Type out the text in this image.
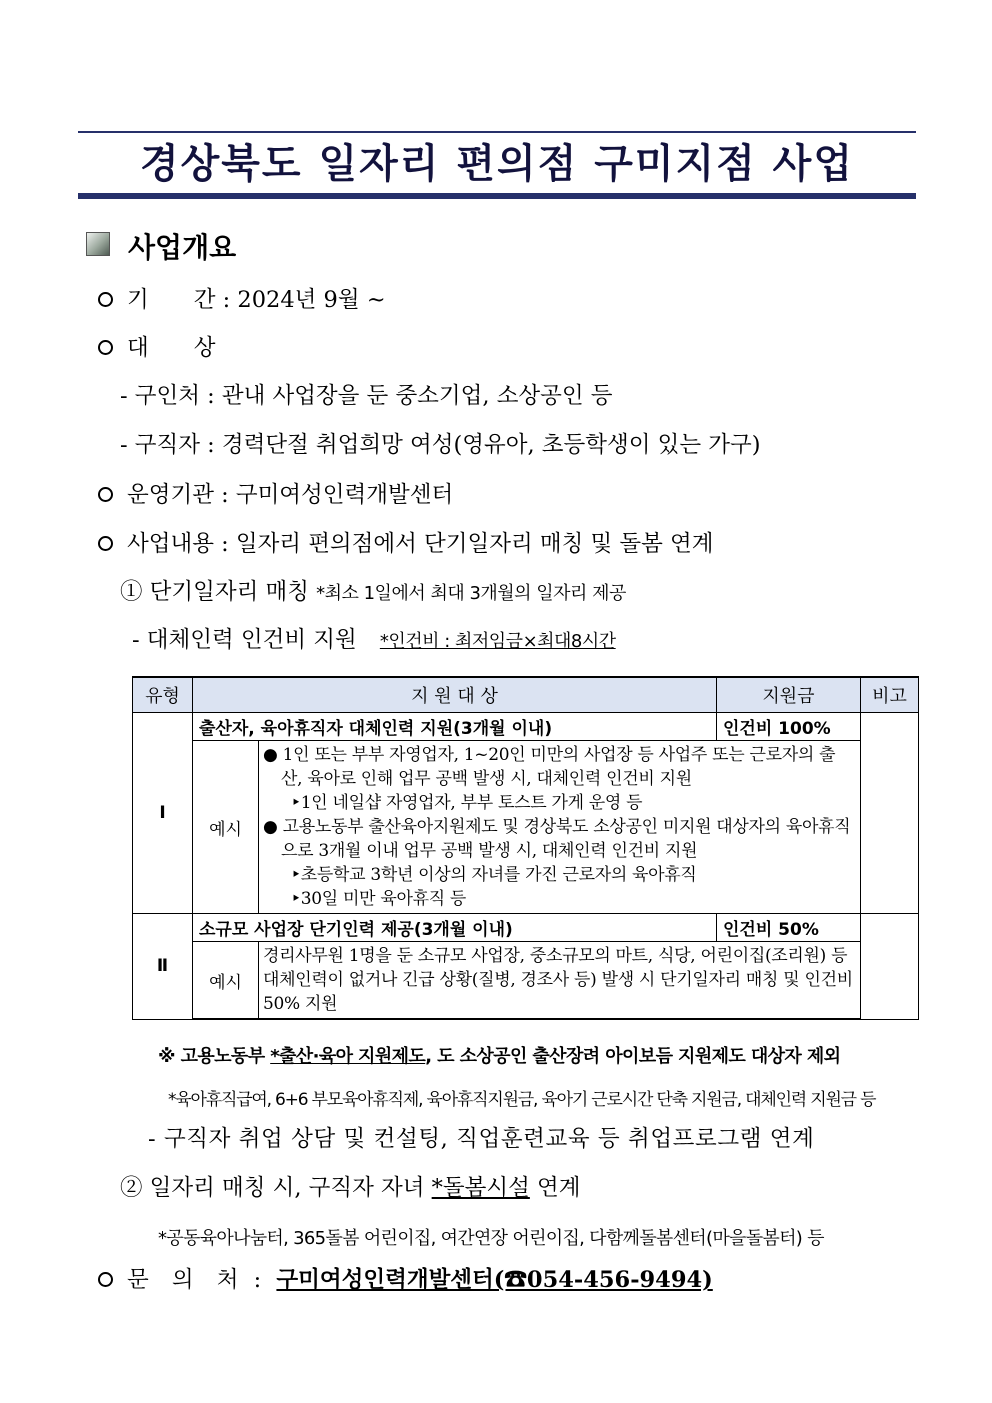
경상북도 일자리 편의점 구미지점 사업
사업개요
기　　간 : 2024년 9월 ~
대　　상
- 구인처 : 관내 사업장을 둔 중소기업, 소상공인 등
- 구직자 : 경력단절 취업희망 여성(영유아, 초등학생이 있는 가구)
운영기관 : 구미여성인력개발센터
사업내용 : 일자리 편의점에서 단기일자리 매칭 및 돌봄 연계
① 단기일자리 매칭 *최소 1일에서 최대 3개월의 일자리 제공
- 대체인력 인건비 지원 *인건비 : 최저임금×최대8시간
유형	지 원 대 상		지원금	비고
Ⅰ	출산자, 육아휴직자 대체인력 지원(3개월 이내)		인건비 100%	
	예시	● 1인 또는 부부 자영업자, 1~20인 미만의 사업장 등 사업주 또는 근로자의 출산, 육아로 인해 업무 공백 발생 시, 대체인력 인건비 지원
‣1인 네일샵 자영업자, 부부 토스트 가게 운영 등
● 고용노동부 출산육아지원제도 및 경상북도 소상공인 미지원 대상자의 육아휴직으로 3개월 이내 업무 공백 발생 시, 대체인력 인건비 지원
‣초등학교 3학년 이상의 자녀를 가진 근로자의 육아휴직
‣30일 미만 육아휴직 등		

Ⅱ	소규모 사업장 단기인력 제공(3개월 이내)		인건비 50%	
	예시	경리사무원 1명을 둔 소규모 사업장, 중소규모의 마트, 식당, 어린이집(조리원) 등 대체인력이 없거나 긴급 상황(질병, 경조사 등) 발생 시 단기일자리 매칭 및 인건비 50% 지원		
※ 고용노동부 *출산·육아 지원제도, 도 소상공인 출산장려 아이보듬 지원제도 대상자 제외
*육아휴직급여, 6+6 부모육아휴직제, 육아휴직지원금, 육아기 근로시간 단축 지원금, 대체인력 지원금 등
- 구직자 취업 상담 및 컨설팅, 직업훈련교육 등 취업프로그램 연계
② 일자리 매칭 시, 구직자 자녀 *돌봄시설 연계
*공동육아나눔터, 365돌봄 어린이집, 여간연장 어린이집, 다함께돌봄센터(마을돌봄터) 등
문 의 처 : 구미여성인력개발센터(☎054-456-9494)
